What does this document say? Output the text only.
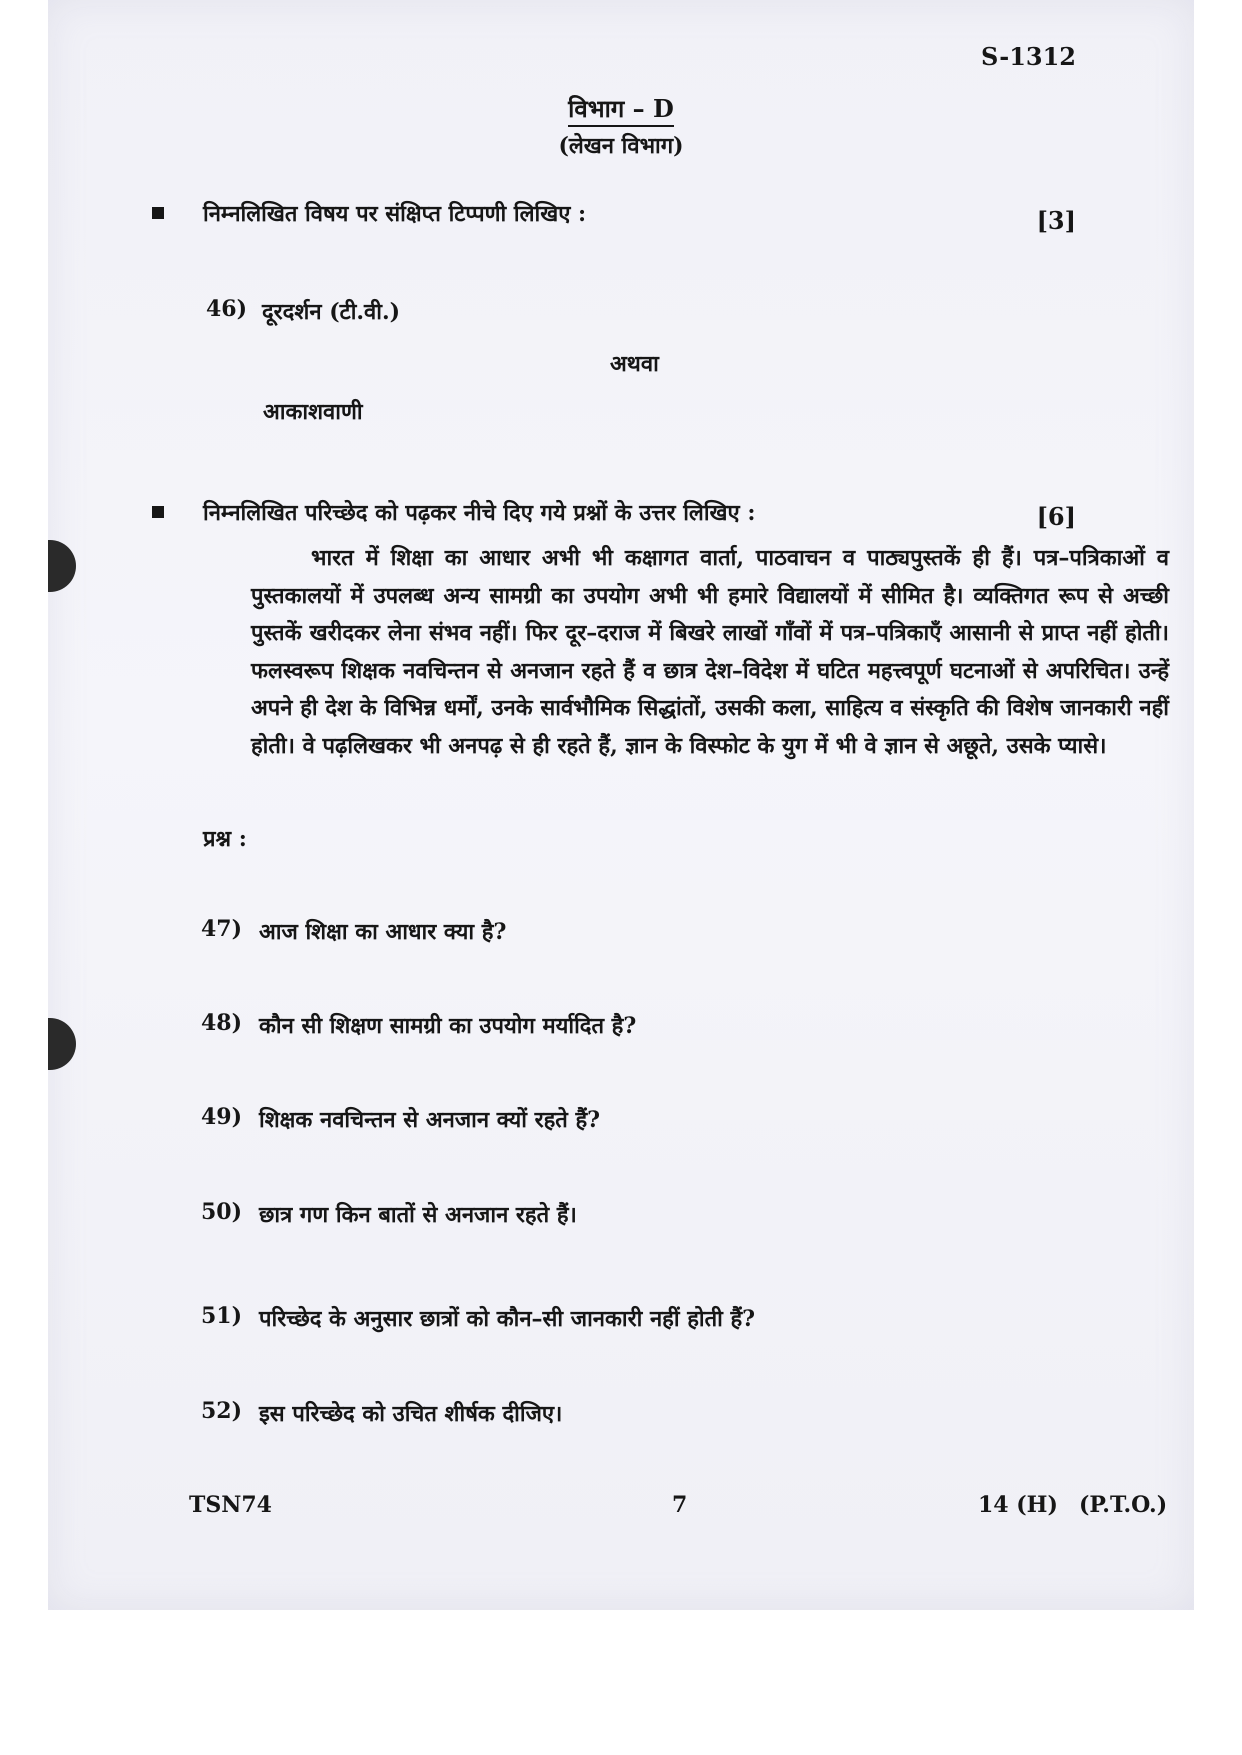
S-1312
विभाग – D
(लेखन विभाग)
निम्नलिखित विषय पर संक्षिप्त टिप्पणी लिखिए :	[3]
46) दूरदर्शन (टी.वी.)
अथवा
आकाशवाणी
निम्नलिखित परिच्छेद को पढ़कर नीचे दिए गये प्रश्नों के उत्तर लिखिए :	[6]
भारत में शिक्षा का आधार अभी भी कक्षागत वार्ता, पाठवाचन व पाठ्यपुस्तकें ही हैं। पत्र–पत्रिकाओं व पुस्तकालयों में उपलब्ध अन्य सामग्री का उपयोग अभी भी हमारे विद्यालयों में सीमित है। व्यक्तिगत रूप से अच्छी पुस्तकें खरीदकर लेना संभव नहीं। फिर दूर–दराज में बिखरे लाखों गाँवों में पत्र–पत्रिकाएँ आसानी से प्राप्त नहीं होती। फलस्वरूप शिक्षक नवचिन्तन से अनजान रहते हैं व छात्र देश–विदेश में घटित महत्त्वपूर्ण घटनाओं से अपरिचित। उन्हें अपने ही देश के विभिन्न धर्मों, उनके सार्वभौमिक सिद्धांतों, उसकी कला, साहित्य व संस्कृति की विशेष जानकारी नहीं होती। वे पढ़लिखकर भी अनपढ़ से ही रहते हैं, ज्ञान के विस्फोट के युग में भी वे ज्ञान से अछूते, उसके प्यासे।
प्रश्न :
47) आज शिक्षा का आधार क्या है?
48) कौन सी शिक्षण सामग्री का उपयोग मर्यादित है?
49) शिक्षक नवचिन्तन से अनजान क्यों रहते हैं?
50) छात्र गण किन बातों से अनजान रहते हैं।
51) परिच्छेद के अनुसार छात्रों को कौन–सी जानकारी नहीं होती हैं?
52) इस परिच्छेद को उचित शीर्षक दीजिए।
TSN74	7	14 (H) (P.T.O.)
